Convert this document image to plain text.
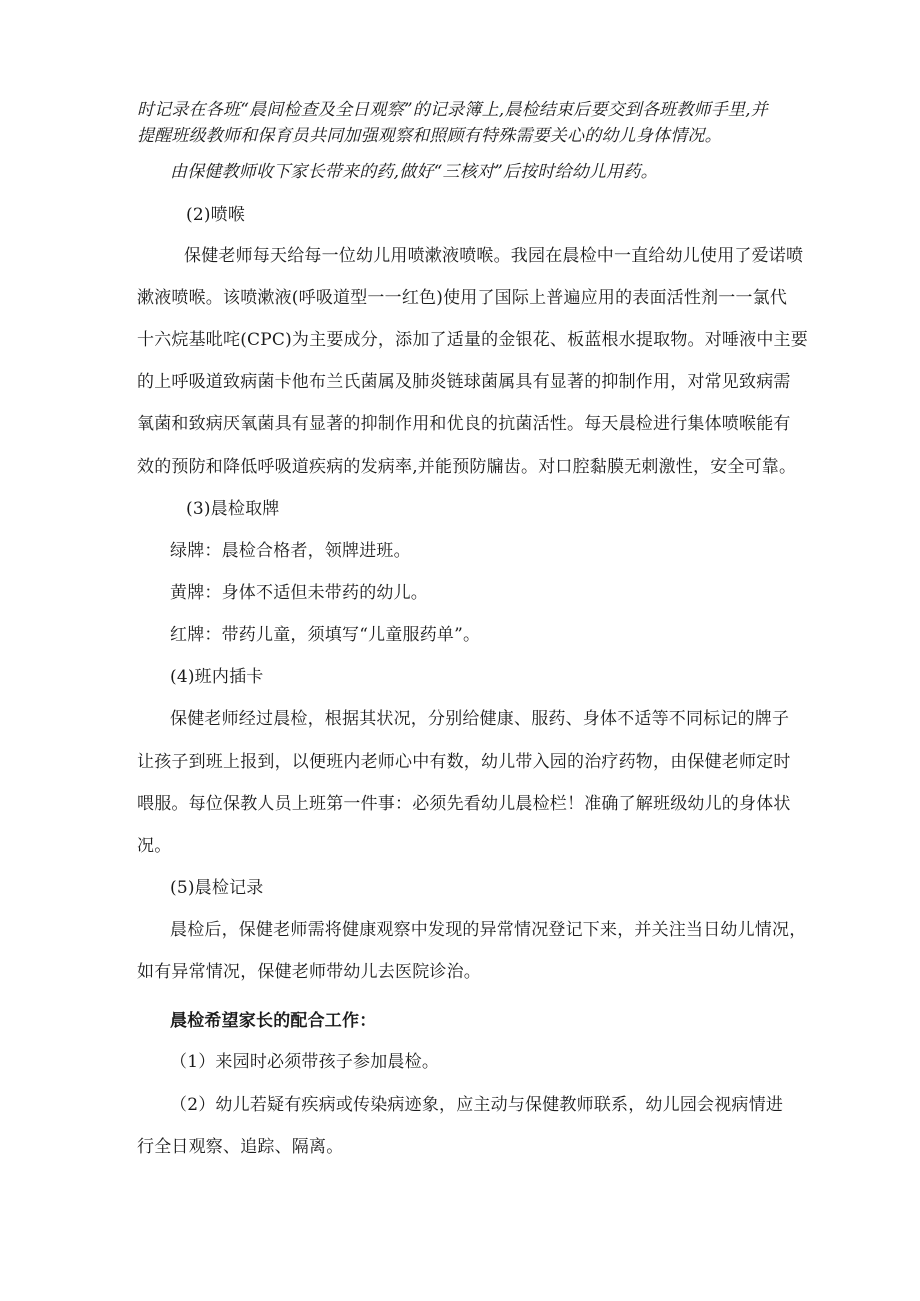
时记录在各班“晨间检查及全日观察”的记录簿上,晨检结束后要交到各班教师手里,并
提醒班级教师和保育员共同加强观察和照顾有特殊需要关心的幼儿身体情况。
由保健教师收下家长带来的药,做好“三核对”后按时给幼儿用药。
(2)喷喉
保健老师每天给每一位幼儿用喷漱液喷喉。我园在晨检中一直给幼儿使用了爱诺喷
漱液喷喉。该喷漱液(呼吸道型一一红色)使用了国际上普遍应用的表面活性剂一一氯代
十六烷基吡咤(CPC)为主要成分，添加了适量的金银花、板蓝根水提取物。对唾液中主要
的上呼吸道致病菌卡他布兰氏菌属及肺炎链球菌属具有显著的抑制作用，对常见致病需
氧菌和致病厌氧菌具有显著的抑制作用和优良的抗菌活性。每天晨检进行集体喷喉能有
效的预防和降低呼吸道疾病的发病率,并能预防牖齿。对口腔黏膜无刺激性，安全可靠。
(3)晨检取牌
绿牌：晨检合格者，领牌进班。
黄牌：身体不适但未带药的幼儿。
红牌：带药儿童，须填写“儿童服药单”。
(4)班内插卡
保健老师经过晨检，根据其状况，分别给健康、服药、身体不适等不同标记的牌子
让孩子到班上报到，以便班内老师心中有数，幼儿带入园的治疗药物，由保健老师定时
喂服。每位保教人员上班第一件事：必须先看幼儿晨检栏！准确了解班级幼儿的身体状
况。
(5)晨检记录
晨检后，保健老师需将健康观察中发现的异常情况登记下来，并关注当日幼儿情况，
如有异常情况，保健老师带幼儿去医院诊治。
晨检希望家长的配合工作：
（1）来园时必须带孩子参加晨检。
（2）幼儿若疑有疾病或传染病迹象，应主动与保健教师联系，幼儿园会视病情进
行全日观察、追踪、隔离。
